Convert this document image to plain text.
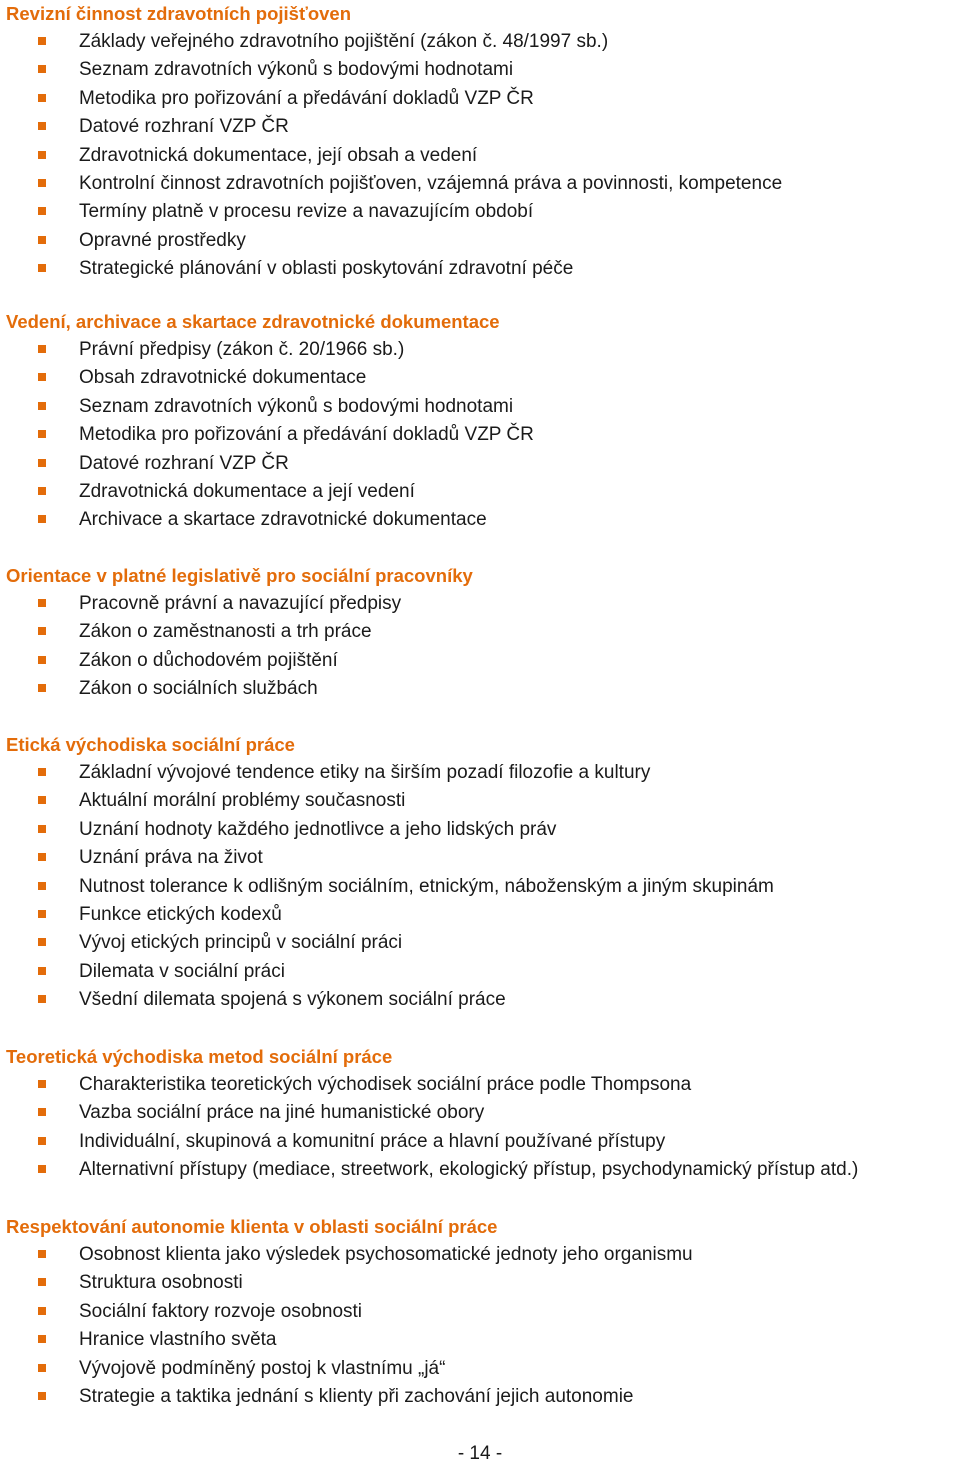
Revizní činnost zdravotních pojišťoven
Základy veřejného zdravotního pojištění (zákon č. 48/1997 sb.)
Seznam zdravotních výkonů s bodovými hodnotami
Metodika pro pořizování a předávání dokladů VZP ČR
Datové rozhraní VZP ČR
Zdravotnická dokumentace, její obsah a vedení
Kontrolní činnost zdravotních pojišťoven, vzájemná práva a povinnosti, kompetence
Termíny platně v procesu revize a navazujícím období
Opravné prostředky
Strategické plánování v oblasti poskytování zdravotní péče
Vedení, archivace a skartace zdravotnické dokumentace
Právní předpisy (zákon č. 20/1966 sb.)
Obsah zdravotnické dokumentace
Seznam zdravotních výkonů s bodovými hodnotami
Metodika pro pořizování a předávání dokladů VZP ČR
Datové rozhraní VZP ČR
Zdravotnická dokumentace a její vedení
Archivace a skartace zdravotnické dokumentace
Orientace v platné legislativě pro sociální pracovníky
Pracovně právní a navazující předpisy
Zákon o zaměstnanosti a trh práce
Zákon o důchodovém pojištění
Zákon o sociálních službách
Etická východiska sociální práce
Základní vývojové tendence etiky na širším pozadí filozofie a kultury
Aktuální morální problémy současnosti
Uznání hodnoty každého jednotlivce a jeho lidských práv
Uznání práva na život
Nutnost tolerance k odlišným sociálním, etnickým, náboženským a jiným skupinám
Funkce etických kodexů
Vývoj etických principů v sociální práci
Dilemata v sociální práci
Všední dilemata spojená s výkonem sociální práce
Teoretická východiska metod sociální práce
Charakteristika teoretických východisek sociální práce podle Thompsona
Vazba sociální práce na jiné humanistické obory
Individuální, skupinová a komunitní práce a hlavní používané přístupy
Alternativní přístupy (mediace, streetwork, ekologický přístup, psychodynamický přístup atd.)
Respektování autonomie klienta v oblasti sociální práce
Osobnost klienta jako výsledek psychosomatické jednoty jeho organismu
Struktura osobnosti
Sociální faktory rozvoje osobnosti
Hranice vlastního světa
Vývojově podmíněný postoj k vlastnímu „já“
Strategie a taktika jednání s klienty při zachování jejich autonomie
- 14 -
